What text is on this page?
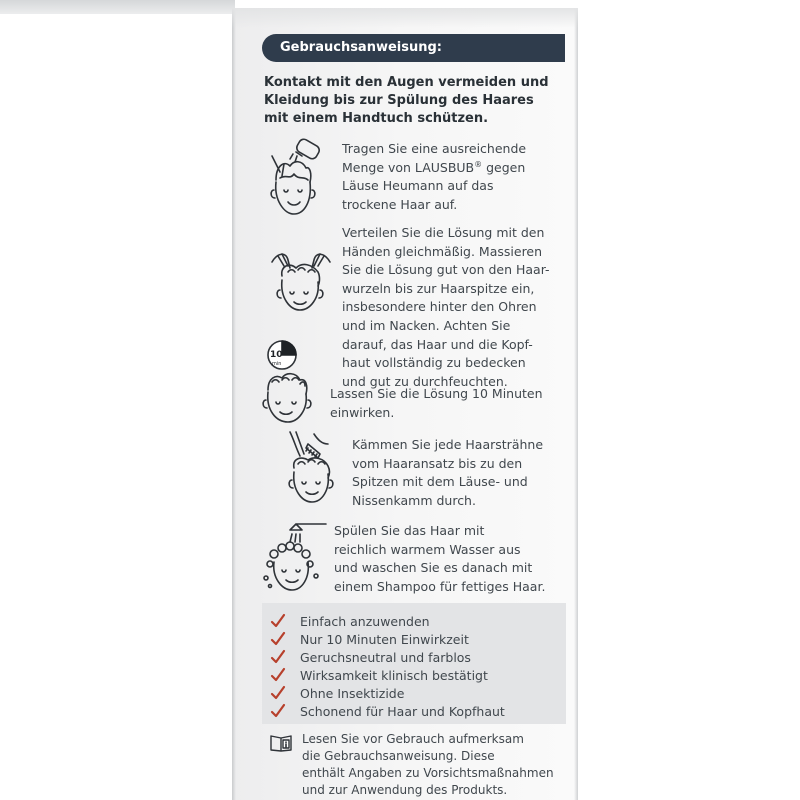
Gebrauchsanweisung:
Kontakt mit den Augen vermeiden und
Kleidung bis zur Spülung des Haares
mit einem Handtuch schützen.
Tragen Sie eine ausreichende
Menge von LAUSBUB® gegen
Läuse Heumann auf das
trockene Haar auf.
Verteilen Sie die Lösung mit den
Händen gleichmäßig. Massieren
Sie die Lösung gut von den Haar-
wurzeln bis zur Haarspitze ein,
insbesondere hinter den Ohren
und im Nacken. Achten Sie
darauf, das Haar und die Kopf-
haut vollständig zu bedecken
und gut zu durchfeuchten.
10
min
Lassen Sie die Lösung 10 Minuten
einwirken.
Kämmen Sie jede Haarsträhne
vom Haaransatz bis zu den
Spitzen mit dem Läuse- und
Nissenkamm durch.
Spülen Sie das Haar mit
reichlich warmem Wasser aus
und waschen Sie es danach mit
einem Shampoo für fettiges Haar.
Einfach anzuwenden
Nur 10 Minuten Einwirkzeit
Geruchsneutral und farblos
Wirksamkeit klinisch bestätigt
Ohne Insektizide
Schonend für Haar und Kopfhaut
Lesen Sie vor Gebrauch aufmerksam
die Gebrauchsanweisung. Diese
enthält Angaben zu Vorsichtsmaßnahmen
und zur Anwendung des Produkts.
